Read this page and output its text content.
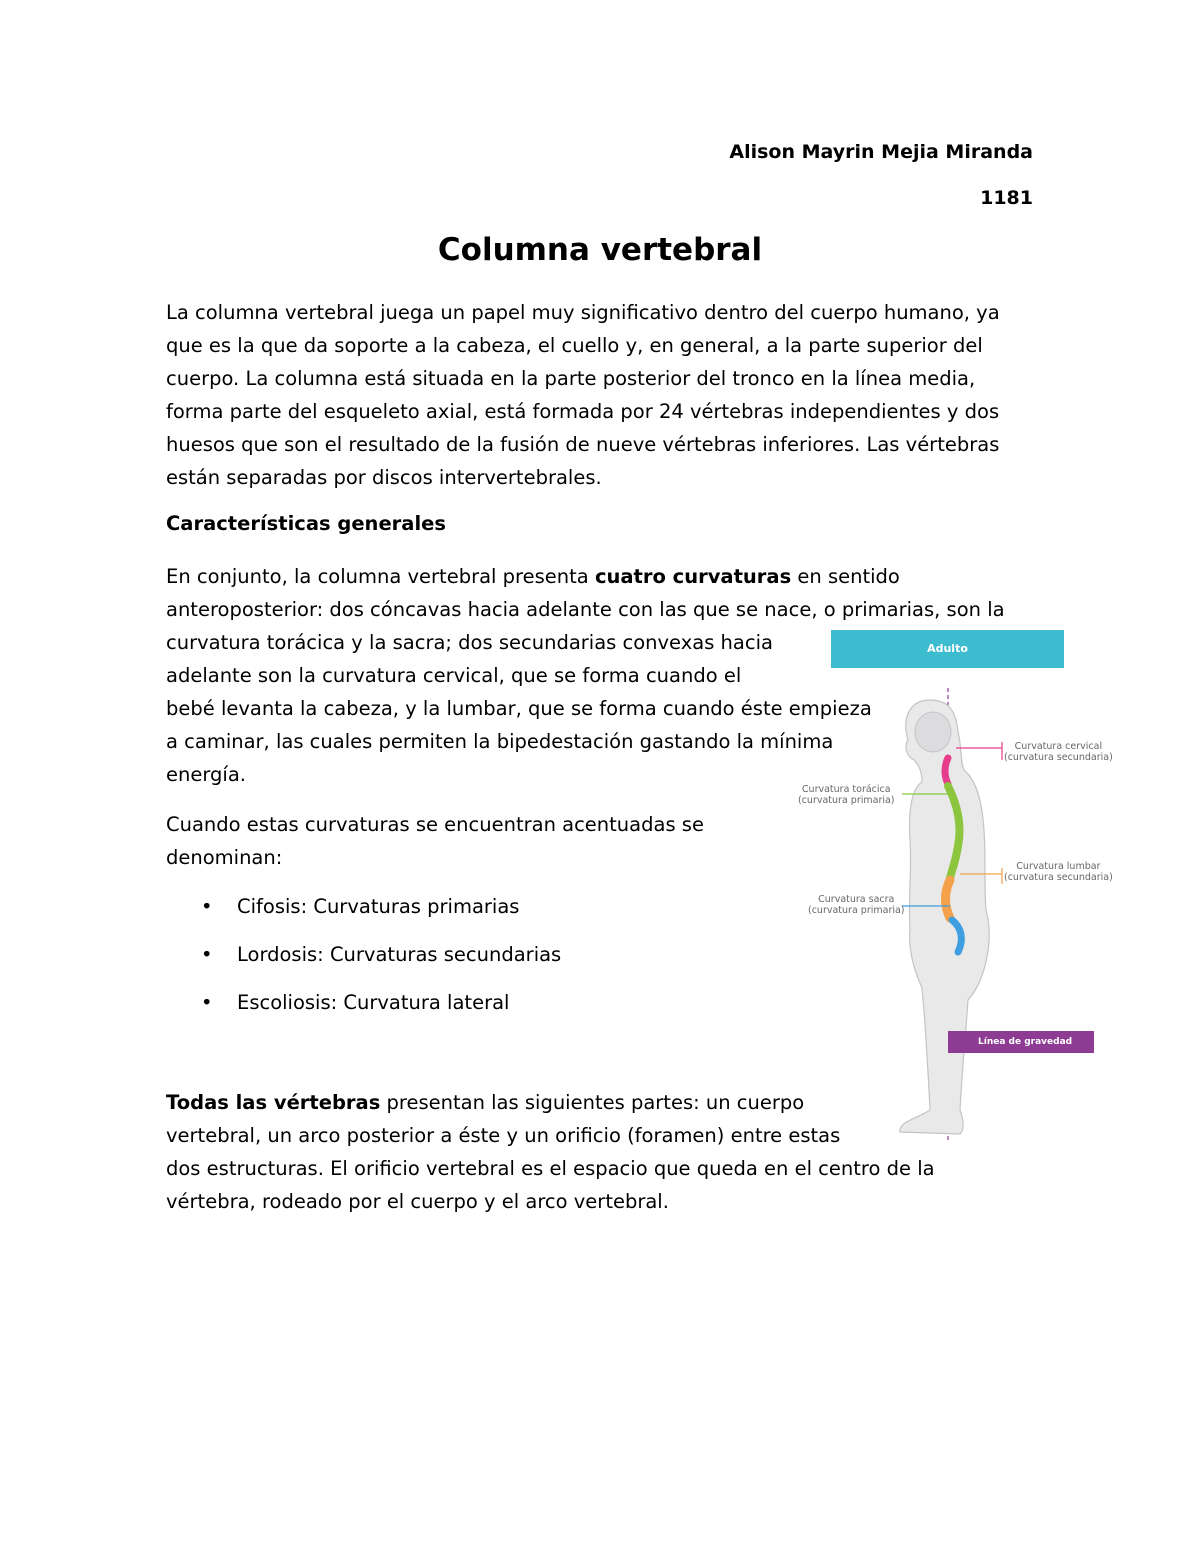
Alison Mayrin Mejia Miranda
1181
Columna vertebral
La columna vertebral juega un papel muy significativo dentro del cuerpo humano, ya
que es la que da soporte a la cabeza, el cuello y, en general, a la parte superior del
cuerpo. La columna está situada en la parte posterior del tronco en la línea media,
forma parte del esqueleto axial, está formada por 24 vértebras independientes y dos
huesos que son el resultado de la fusión de nueve vértebras inferiores. Las vértebras
están separadas por discos intervertebrales.
Características generales
En conjunto, la columna vertebral presenta cuatro curvaturas en sentido
anteroposterior: dos cóncavas hacia adelante con las que se nace, o primarias, son la
curvatura torácica y la sacra; dos secundarias convexas hacia
adelante son la curvatura cervical, que se forma cuando el
bebé levanta la cabeza, y la lumbar, que se forma cuando éste empieza
a caminar, las cuales permiten la bipedestación gastando la mínima
energía.
Cuando estas curvaturas se encuentran acentuadas se
denominan:
• Cifosis: Curvaturas primarias
• Lordosis: Curvaturas secundarias
• Escoliosis: Curvatura lateral
Todas las vértebras presentan las siguientes partes: un cuerpo
vertebral, un arco posterior a éste y un orificio (foramen) entre estas
dos estructuras. El orificio vertebral es el espacio que queda en el centro de la
vértebra, rodeado por el cuerpo y el arco vertebral.
Adulto
Curvatura cervical
(curvatura secundaria)
Curvatura torácica
(curvatura primaria)
Curvatura lumbar
(curvatura secundaria)
Curvatura sacra
(curvatura primaria)
Línea de gravedad
